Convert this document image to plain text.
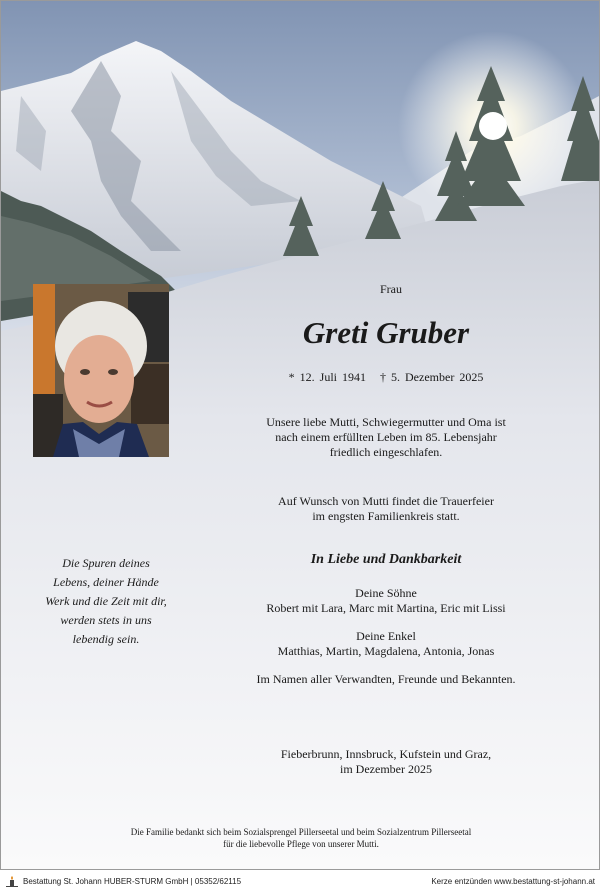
Frau
Greti Gruber
* 12. Juli 1941 † 5. Dezember 2025
Unsere liebe Mutti, Schwiegermutter und Oma ist
nach einem erfüllten Leben im 85. Lebensjahr
friedlich eingeschlafen.
Auf Wunsch von Mutti findet die Trauerfeier
im engsten Familienkreis statt.
In Liebe und Dankbarkeit
Deine Söhne
Robert mit Lara, Marc mit Martina, Eric mit Lissi
Deine Enkel
Matthias, Martin, Magdalena, Antonia, Jonas
Im Namen aller Verwandten, Freunde und Bekannten.
Fieberbrunn, Innsbruck, Kufstein und Graz,
im Dezember 2025
Die Spuren deines
Lebens, deiner Hände
Werk und die Zeit mit dir,
werden stets in uns
lebendig sein.
Die Familie bedankt sich beim Sozialsprengel Pillerseetal und beim Sozialzentrum Pillerseetal
für die liebevolle Pflege von unserer Mutti.
Bestattung St. Johann HUBER-STURM GmbH | 05352/62115	Kerze entzünden www.bestattung-st-johann.at
